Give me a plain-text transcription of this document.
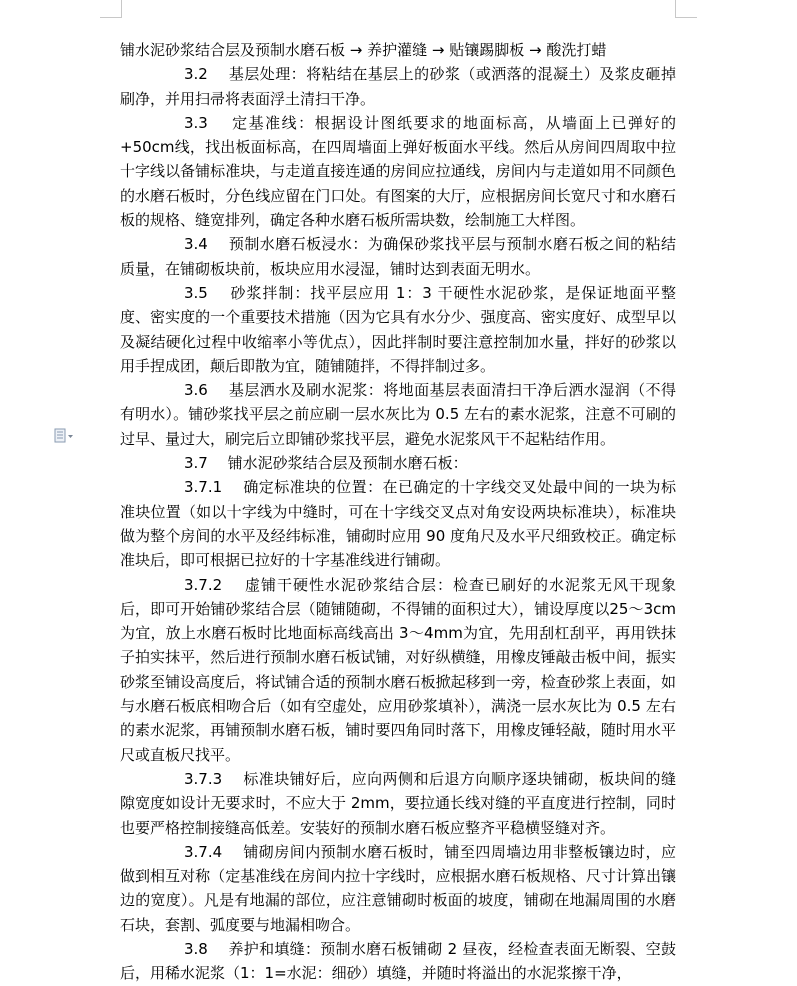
铺水泥砂浆结合层及预制水磨石板 → 养护灌缝 → 贴镶踢脚板 → 酸洗打蜡

3.2　 基层处理：将粘结在基层上的砂浆（或洒落的混凝土）及浆皮砸掉刷净，并用扫帚将表面浮土清扫干净。

3.3　 定基准线：根据设计图纸要求的地面标高，从墙面上已弹好的+50cm线，找出板面标高，在四周墙面上弹好板面水平线。然后从房间四周取中拉十字线以备铺标准块，与走道直接连通的房间应拉通线，房间内与走道如用不同颜色的水磨石板时，分色线应留在门口处。有图案的大厅，应根据房间长宽尺寸和水磨石板的规格、缝宽排列，确定各种水磨石板所需块数，绘制施工大样图。

3.4　 预制水磨石板浸水：为确保砂浆找平层与预制水磨石板之间的粘结质量，在铺砌板块前，板块应用水浸湿，铺时达到表面无明水。

3.5　 砂浆拌制：找平层应用 1：3 干硬性水泥砂浆，是保证地面平整度、密实度的一个重要技术措施（因为它具有水分少、强度高、密实度好、成型早以及凝结硬化过程中收缩率小等优点），因此拌制时要注意控制加水量，拌好的砂浆以用手捏成团，颠后即散为宜，随铺随拌，不得拌制过多。

3.6　 基层洒水及刷水泥浆：将地面基层表面清扫干净后洒水湿润（不得有明水）。铺砂浆找平层之前应刷一层水灰比为 0.5 左右的素水泥浆，注意不可刷的过早、量过大，刷完后立即铺砂浆找平层，避免水泥浆风干不起粘结作用。

3.7　 铺水泥砂浆结合层及预制水磨石板：

3.7.1　 确定标准块的位置：在已确定的十字线交叉处最中间的一块为标准块位置（如以十字线为中缝时，可在十字线交叉点对角安设两块标准块），标准块做为整个房间的水平及经纬标准，铺砌时应用 90 度角尺及水平尺细致校正。确定标准块后，即可根据已拉好的十字基准线进行铺砌。

3.7.2　 虚铺干硬性水泥砂浆结合层：检查已刷好的水泥浆无风干现象后，即可开始铺砂浆结合层（随铺随砌，不得铺的面积过大），铺设厚度以25～3cm为宜，放上水磨石板时比地面标高线高出 3～4mm为宜，先用刮杠刮平，再用铁抹子拍实抹平，然后进行预制水磨石板试铺，对好纵横缝，用橡皮锤敲击板中间，振实砂浆至铺设高度后，将试铺合适的预制水磨石板掀起移到一旁，检查砂浆上表面，如与水磨石板底相吻合后（如有空虚处，应用砂浆填补），满浇一层水灰比为 0.5 左右的素水泥浆，再铺预制水磨石板，铺时要四角同时落下，用橡皮锤轻敲，随时用水平尺或直板尺找平。

3.7.3　 标准块铺好后，应向两侧和后退方向顺序逐块铺砌，板块间的缝隙宽度如设计无要求时，不应大于 2mm，要拉通长线对缝的平直度进行控制，同时也要严格控制接缝高低差。安装好的预制水磨石板应整齐平稳横竖缝对齐。

3.7.4　 铺砌房间内预制水磨石板时，铺至四周墙边用非整板镶边时，应做到相互对称（定基准线在房间内拉十字线时，应根据水磨石板规格、尺寸计算出镶边的宽度）。凡是有地漏的部位，应注意铺砌时板面的坡度，铺砌在地漏周围的水磨石块，套割、弧度要与地漏相吻合。

3.8　 养护和填缝：预制水磨石板铺砌 2 昼夜，经检查表面无断裂、空鼓后，用稀水泥浆（1：1=水泥：细砂）填缝，并随时将溢出的水泥浆擦干净，
